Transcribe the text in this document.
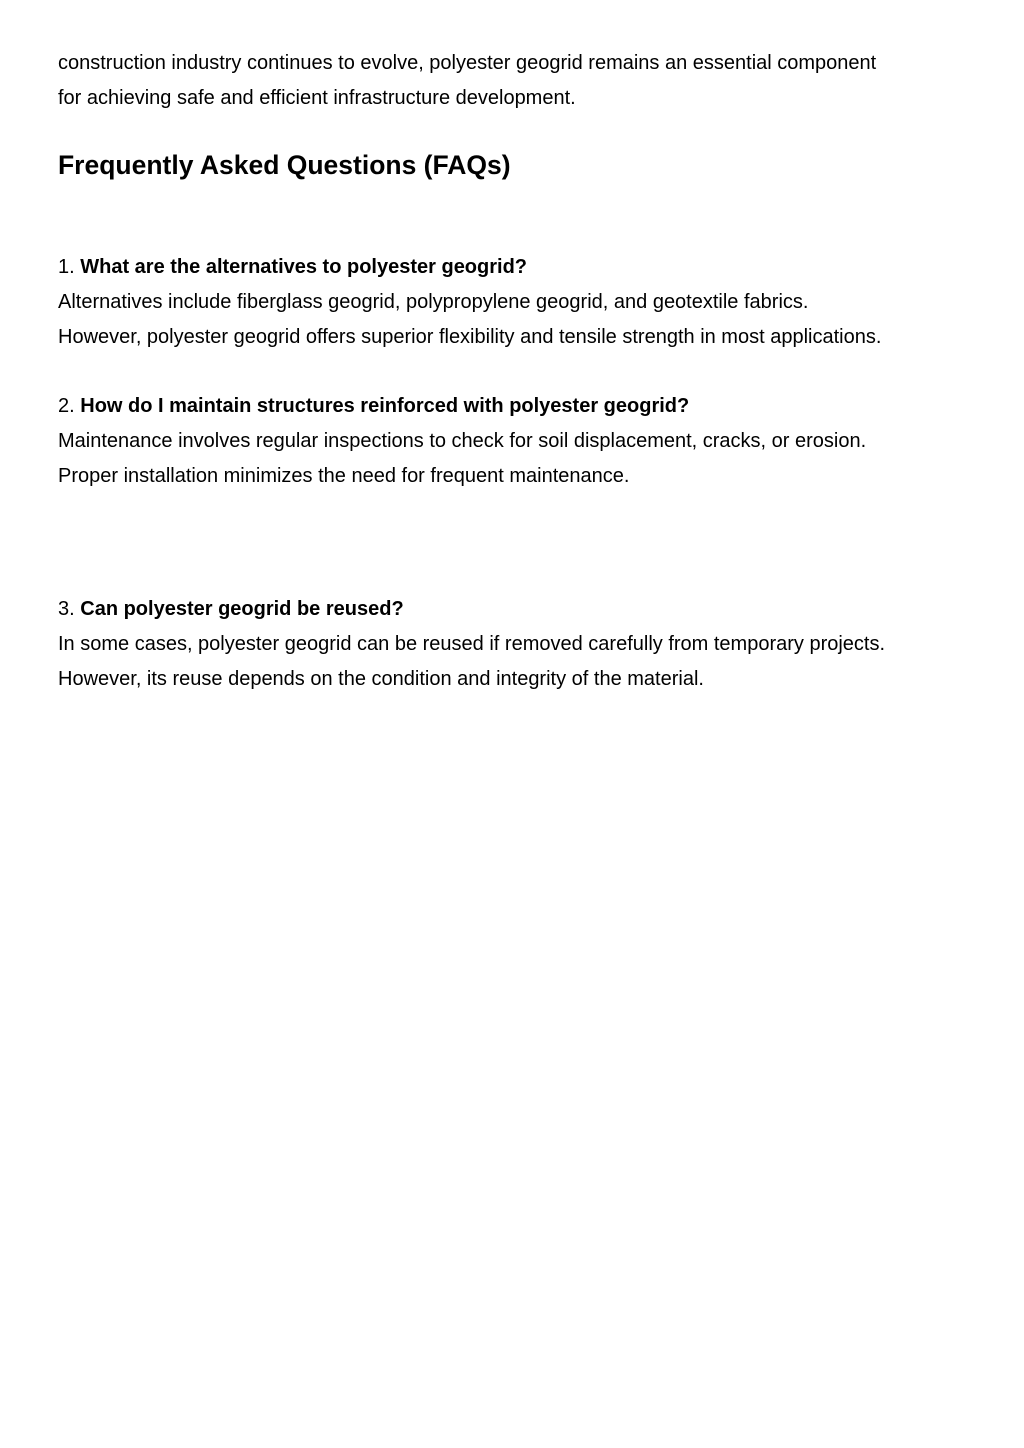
construction industry continues to evolve, polyester geogrid remains an essential component

for achieving safe and efficient infrastructure development.

Frequently Asked Questions (FAQs)

1. What are the alternatives to polyester geogrid?

Alternatives include fiberglass geogrid, polypropylene geogrid, and geotextile fabrics.

However, polyester geogrid offers superior flexibility and tensile strength in most applications.

2. How do I maintain structures reinforced with polyester geogrid?

Maintenance involves regular inspections to check for soil displacement, cracks, or erosion.

Proper installation minimizes the need for frequent maintenance.

3. Can polyester geogrid be reused?

In some cases, polyester geogrid can be reused if removed carefully from temporary projects.

However, its reuse depends on the condition and integrity of the material.
